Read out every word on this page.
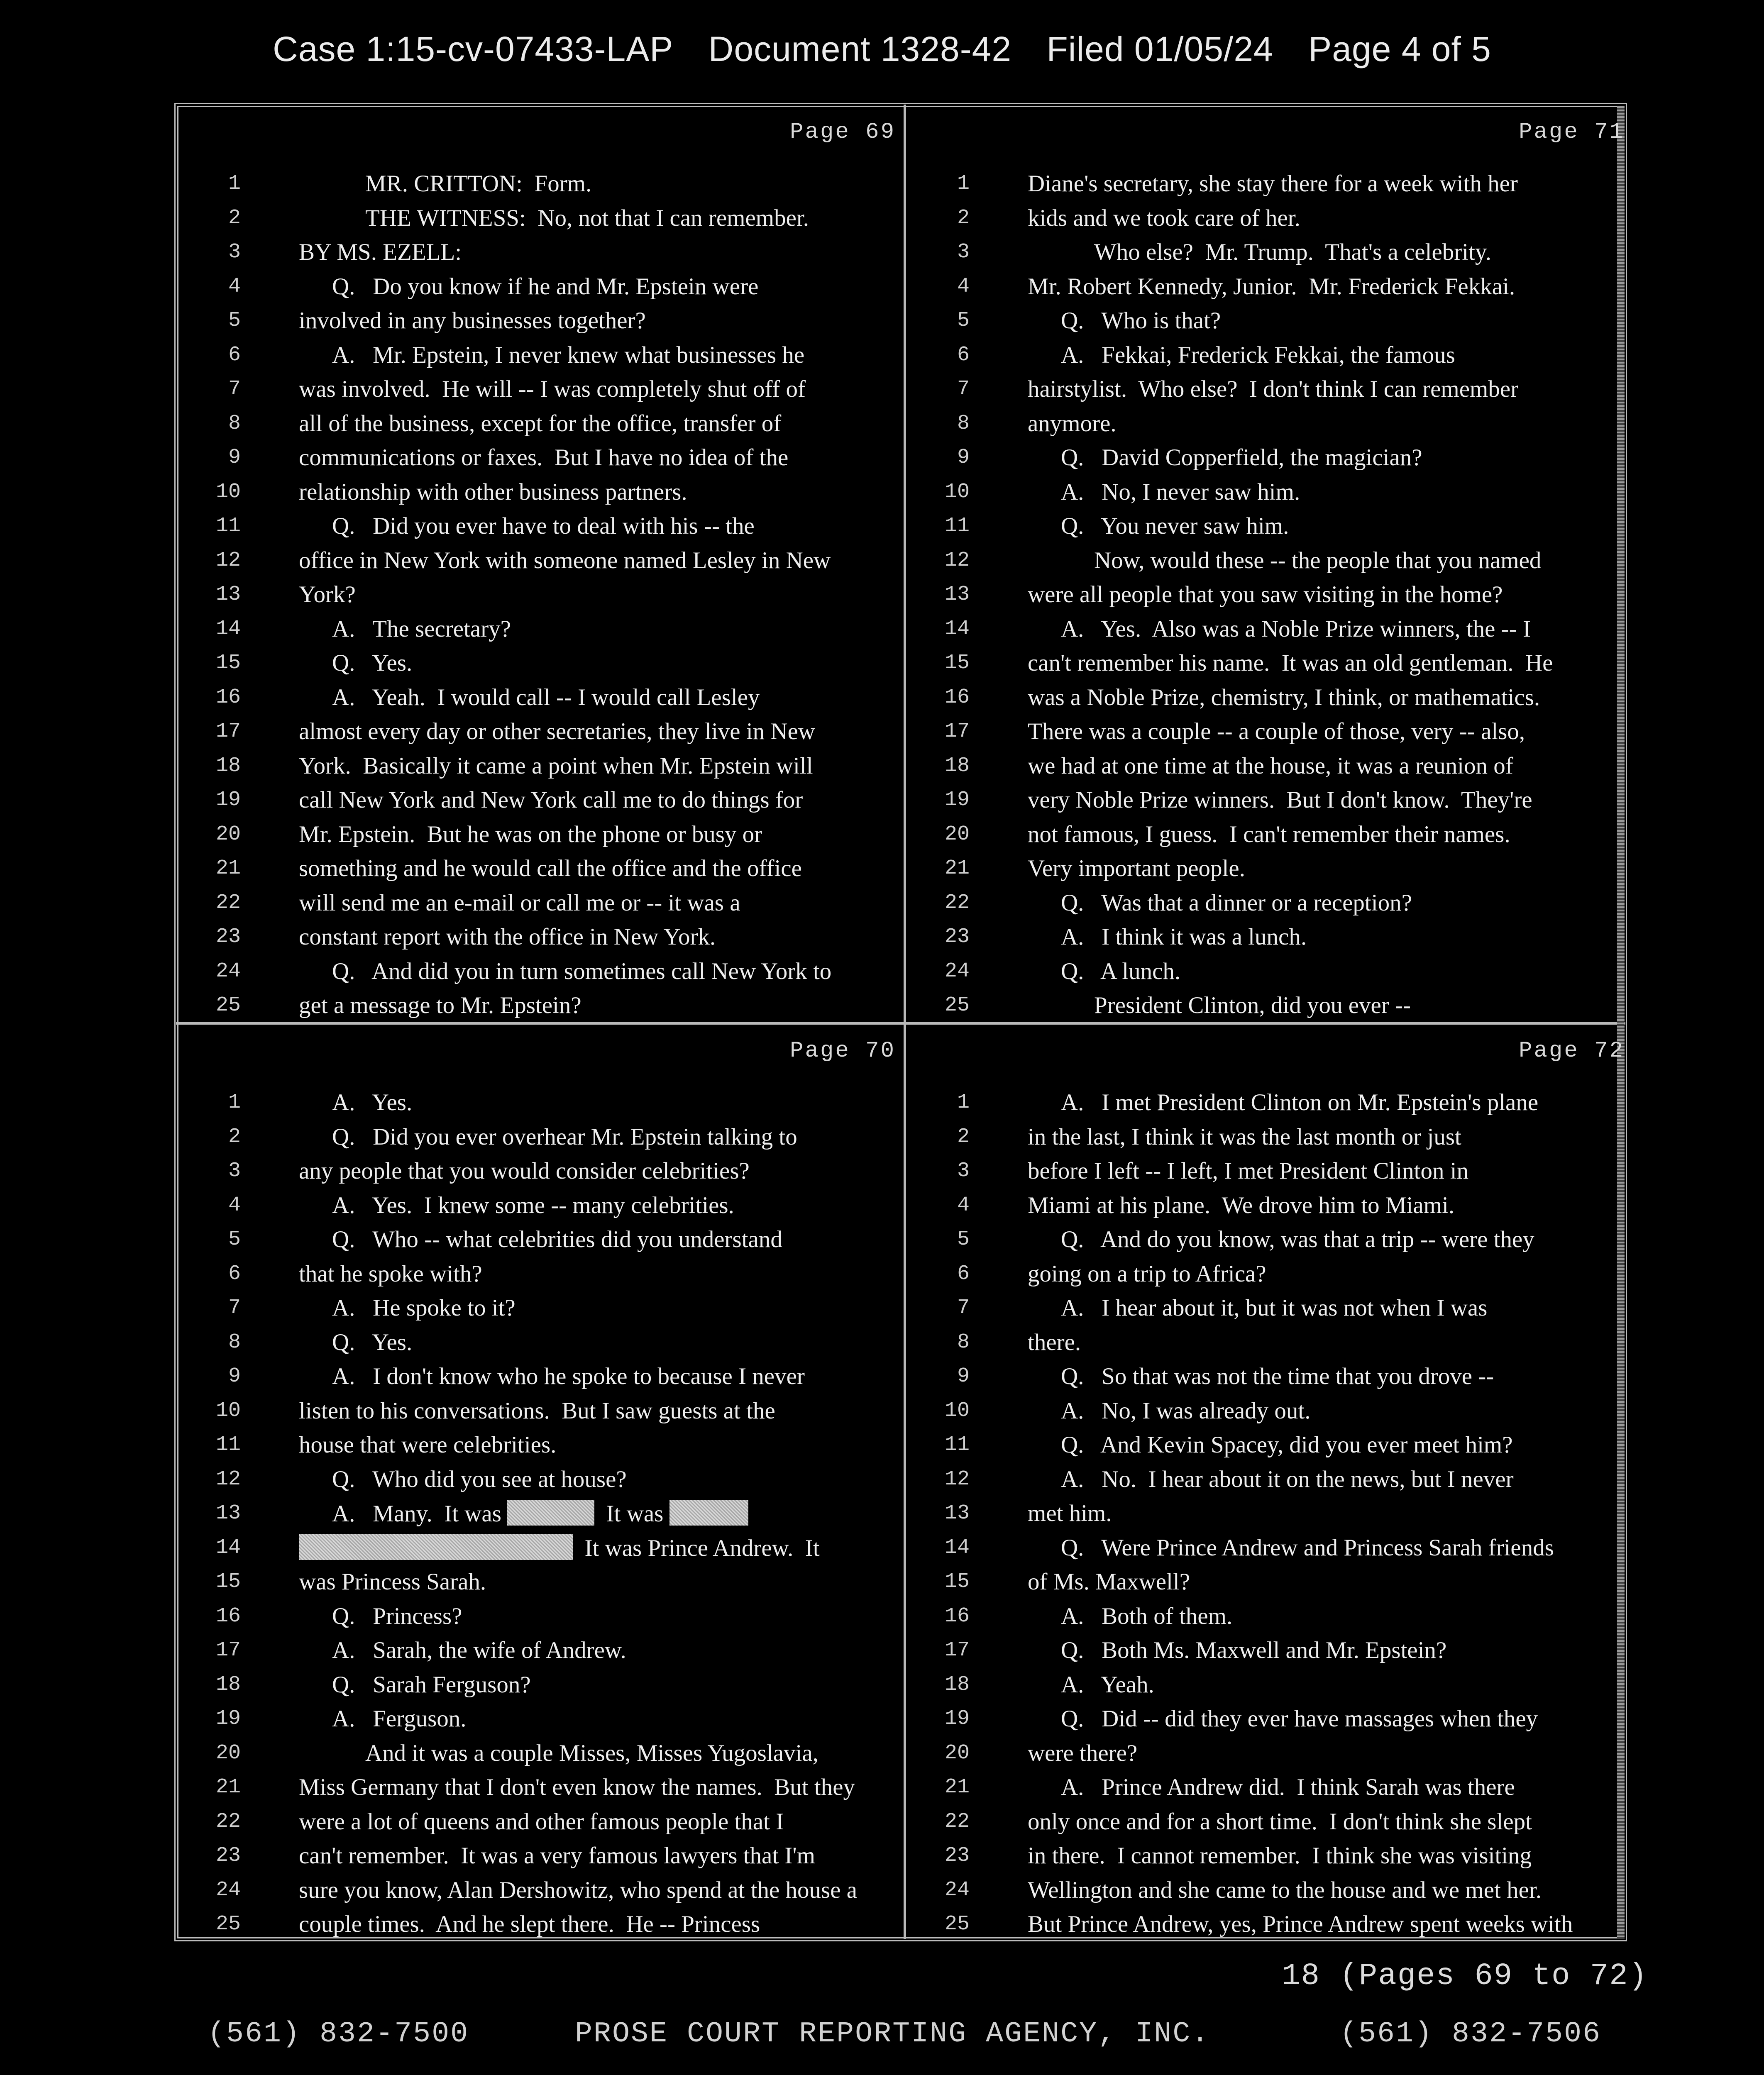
Case 1:15-cv-07433-LAP Document 1328-42 Filed 01/05/24 Page 4 of 5
Page 69
1	MR. CRITTON:  Form.
2	THE WITNESS:  No, not that I can remember.
3 BY MS. EZELL:
4	Q.   Do you know if he and Mr. Epstein were
5 involved in any businesses together?
6	A.   Mr. Epstein, I never knew what businesses he
7 was involved.  He will -- I was completely shut off of
8 all of the business, except for the office, transfer of
9 communications or faxes.  But I have no idea of the
10 relationship with other business partners.
11	Q.   Did you ever have to deal with his -- the
12 office in New York with someone named Lesley in New
13 York?
14	A.   The secretary?
15	Q.   Yes.
16	A.   Yeah.  I would call -- I would call Lesley
17 almost every day or other secretaries, they live in New
18 York.  Basically it came a point when Mr. Epstein will
19 call New York and New York call me to do things for
20 Mr. Epstein.  But he was on the phone or busy or
21 something and he would call the office and the office
22 will send me an e-mail or call me or -- it was a
23 constant report with the office in New York.
24	Q.   And did you in turn sometimes call New York to
25 get a message to Mr. Epstein?
Page 71
1 Diane's secretary, she stay there for a week with her
2 kids and we took care of her.
3	Who else?  Mr. Trump.  That's a celebrity.
4 Mr. Robert Kennedy, Junior.  Mr. Frederick Fekkai.
5	Q.   Who is that?
6	A.   Fekkai, Frederick Fekkai, the famous
7 hairstylist.  Who else?  I don't think I can remember
8 anymore.
9	Q.   David Copperfield, the magician?
10	A.   No, I never saw him.
11	Q.   You never saw him.
12	Now, would these -- the people that you named
13 were all people that you saw visiting in the home?
14	A.   Yes.  Also was a Noble Prize winners, the -- I
15 can't remember his name.  It was an old gentleman.  He
16 was a Noble Prize, chemistry, I think, or mathematics.
17 There was a couple -- a couple of those, very -- also,
18 we had at one time at the house, it was a reunion of
19 very Noble Prize winners.  But I don't know.  They're
20 not famous, I guess.  I can't remember their names.
21 Very important people.
22	Q.   Was that a dinner or a reception?
23	A.   I think it was a lunch.
24	Q.   A lunch.
25	President Clinton, did you ever --
Page 70
1	A.   Yes.
2	Q.   Did you ever overhear Mr. Epstein talking to
3 any people that you would consider celebrities?
4	A.   Yes.  I knew some -- many celebrities.
5	Q.   Who -- what celebrities did you understand
6 that he spoke with?
7	A.   He spoke to it?
8	Q.   Yes.
9	A.   I don't know who he spoke to because I never
10 listen to his conversations.  But I saw guests at the
11 house that were celebrities.
12	Q.   Who did you see at house?
13	A.   Many.  It was	It was
14	It was Prince Andrew.  It
15 was Princess Sarah.
16	Q.   Princess?
17	A.   Sarah, the wife of Andrew.
18	Q.   Sarah Ferguson?
19	A.   Ferguson.
20	And it was a couple Misses, Misses Yugoslavia,
21 Miss Germany that I don't even know the names.  But they
22 were a lot of queens and other famous people that I
23 can't remember.  It was a very famous lawyers that I'm
24 sure you know, Alan Dershowitz, who spend at the house a
25 couple times.  And he slept there.  He -- Princess
Page 72
1	A.   I met President Clinton on Mr. Epstein's plane
2 in the last, I think it was the last month or just
3 before I left -- I left, I met President Clinton in
4 Miami at his plane.  We drove him to Miami.
5	Q.   And do you know, was that a trip -- were they
6 going on a trip to Africa?
7	A.   I hear about it, but it was not when I was
8 there.
9	Q.   So that was not the time that you drove --
10	A.   No, I was already out.
11	Q.   And Kevin Spacey, did you ever meet him?
12	A.   No.  I hear about it on the news, but I never
13 met him.
14	Q.   Were Prince Andrew and Princess Sarah friends
15 of Ms. Maxwell?
16	A.   Both of them.
17	Q.   Both Ms. Maxwell and Mr. Epstein?
18	A.   Yeah.
19	Q.   Did -- did they ever have massages when they
20 were there?
21	A.   Prince Andrew did.  I think Sarah was there
22 only once and for a short time.  I don't think she slept
23 in there.  I cannot remember.  I think she was visiting
24 Wellington and she came to the house and we met her.
25 But Prince Andrew, yes, Prince Andrew spent weeks with
18 (Pages 69 to 72)
(561) 832-7500	PROSE COURT REPORTING AGENCY, INC.	(561) 832-7506
